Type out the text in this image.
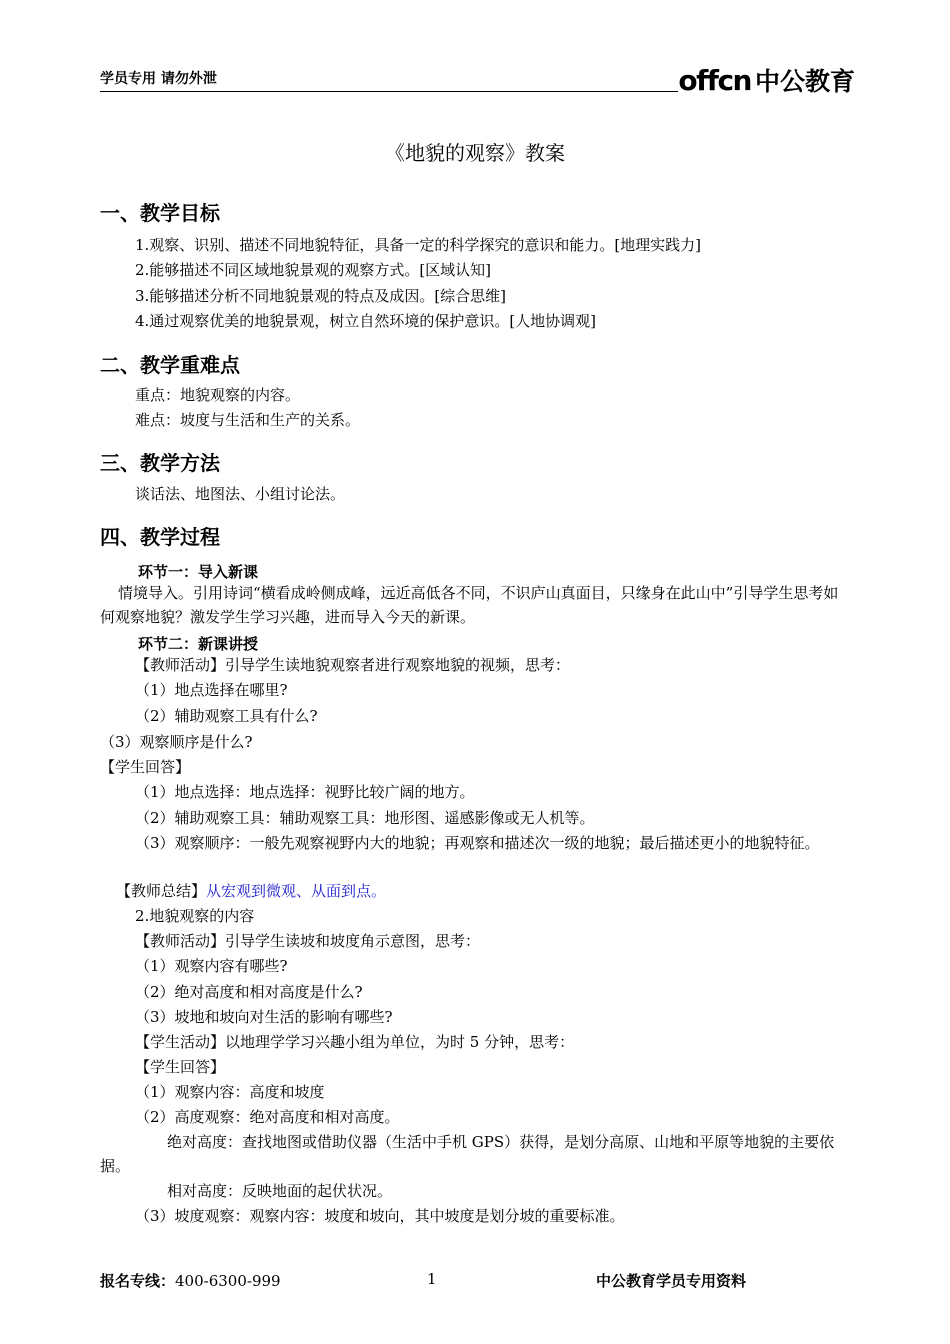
学员专用 请勿外泄	offcn 中公教育
《地貌的观察》教案
一、教学目标
1.观察、识别、描述不同地貌特征，具备一定的科学探究的意识和能力。[地理实践力]
2.能够描述不同区域地貌景观的观察方式。[区域认知]
3.能够描述分析不同地貌景观的特点及成因。[综合思维]
4.通过观察优美的地貌景观，树立自然环境的保护意识。[人地协调观]
二、教学重难点
重点：地貌观察的内容。
难点：坡度与生活和生产的关系。
三、教学方法
谈话法、地图法、小组讨论法。
四、教学过程
环节一：导入新课
情境导入。引用诗词“横看成岭侧成峰，远近高低各不同，不识庐山真面目，只缘身在此山中”引导学生思考如何观察地貌？激发学生学习兴趣，进而导入今天的新课。
环节二：新课讲授
【教师活动】引导学生读地貌观察者进行观察地貌的视频，思考：
（1）地点选择在哪里?
（2）辅助观察工具有什么?
（3）观察顺序是什么?
【学生回答】
（1）地点选择：地点选择：视野比较广阔的地方。
（2）辅助观察工具：辅助观察工具：地形图、遥感影像或无人机等。
（3）观察顺序：一般先观察视野内大的地貌；再观察和描述次一级的地貌；最后描述更小的地貌特征。
【教师总结】从宏观到微观、从面到点。
2.地貌观察的内容
【教师活动】引导学生读坡和坡度角示意图，思考：
（1）观察内容有哪些?
（2）绝对高度和相对高度是什么?
（3）坡地和坡向对生活的影响有哪些?
【学生活动】以地理学学习兴趣小组为单位，为时 5 分钟，思考：
【学生回答】
（1）观察内容：高度和坡度
（2）高度观察：绝对高度和相对高度。
绝对高度：查找地图或借助仪器（生活中手机 GPS）获得，是划分高原、山地和平原等地貌的主要依据。
相对高度：反映地面的起伏状况。
（3）坡度观察：观察内容：坡度和坡向，其中坡度是划分坡的重要标准。
报名专线：400-6300-999	1	中公教育学员专用资料
